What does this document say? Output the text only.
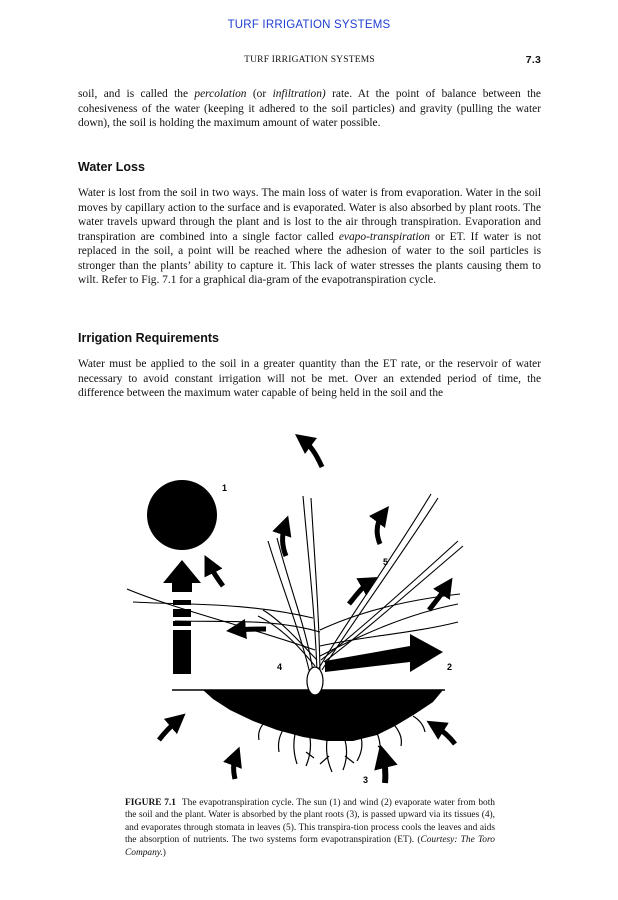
TURF IRRIGATION SYSTEMS
TURF IRRIGATION SYSTEMS	7.3

soil, and is called the percolation (or infiltration) rate. At the point of balance between the cohesiveness of the water (keeping it adhered to the soil particles) and gravity (pulling the water down), the soil is holding the maximum amount of water possible.

Water Loss

Water is lost from the soil in two ways. The main loss of water is from evaporation. Water in the soil moves by capillary action to the surface and is evaporated. Water is also absorbed by plant roots. The water travels upward through the plant and is lost to the air through transpiration. Evaporation and transpiration are combined into a single factor called evapo-transpiration or ET. If water is not replaced in the soil, a point will be reached where the adhesion of water to the soil particles is stronger than the plants’ ability to capture it. This lack of water stresses the plants causing them to wilt. Refer to Fig. 7.1 for a graphical dia-gram of the evapotranspiration cycle.

Irrigation Requirements

Water must be applied to the soil in a greater quantity than the ET rate, or the reservoir of water necessary to avoid constant irrigation will not be met. Over an extended period of time, the difference between the maximum water capable of being held in the soil and the

1
2
3
4
5

FIGURE 7.1 The evapotranspiration cycle. The sun (1) and wind (2) evaporate water from both the soil and the plant. Water is absorbed by the plant roots (3), is passed upward via its tissues (4), and evaporates through stomata in leaves (5). This transpira-tion process cools the leaves and aids the absorption of nutrients. The two systems form evapotranspiration (ET). (Courtesy: The Toro Company.)
